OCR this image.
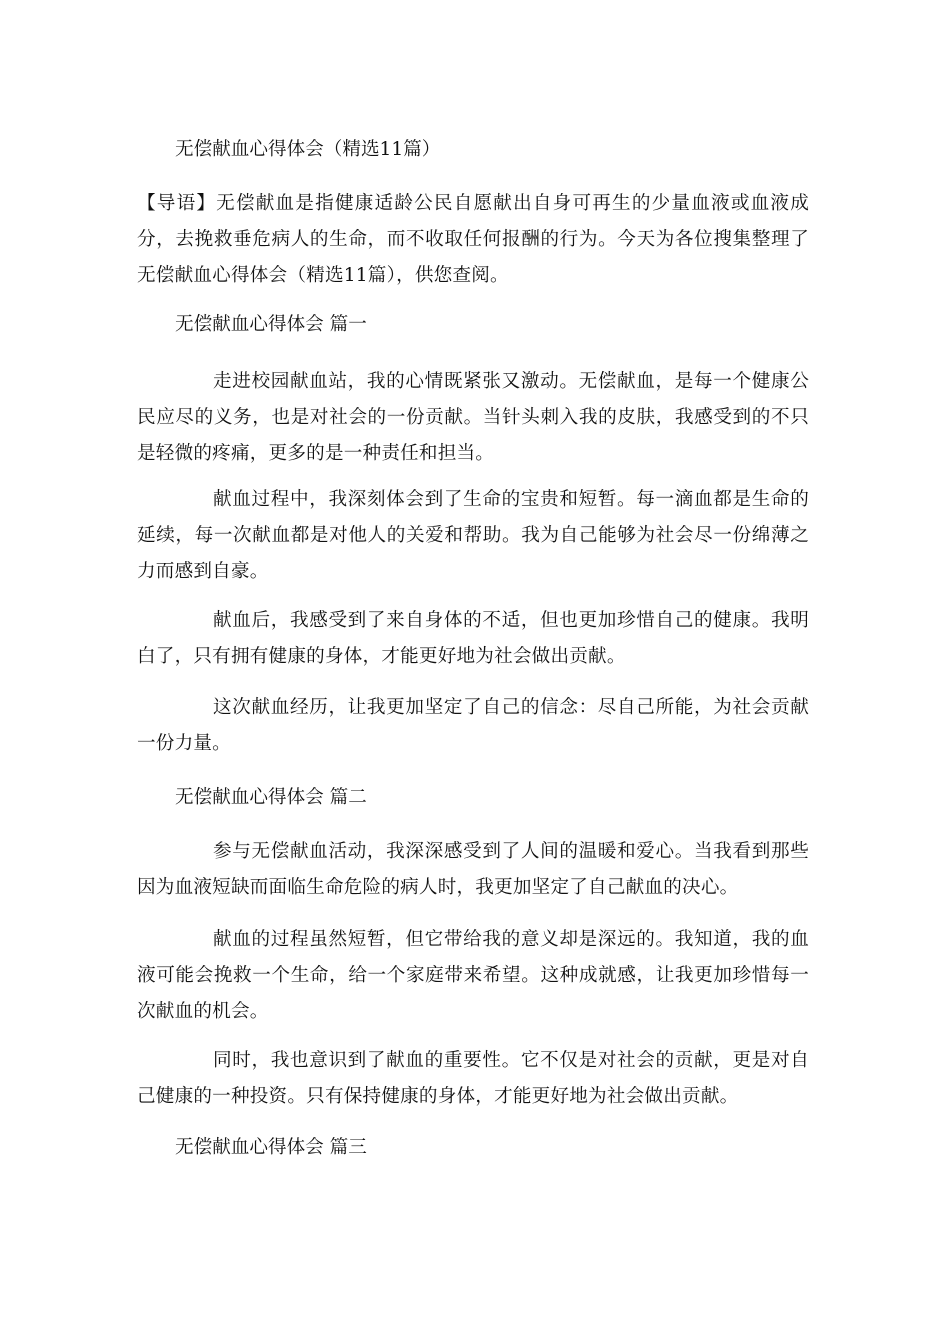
无偿献血心得体会（精选11篇）

【导语】无偿献血是指健康适龄公民自愿献出自身可再生的少量血液或血液成分，去挽救垂危病人的生命，而不收取任何报酬的行为。今天为各位搜集整理了无偿献血心得体会（精选11篇），供您查阅。

无偿献血心得体会 篇一

走进校园献血站，我的心情既紧张又激动。无偿献血，是每一个健康公民应尽的义务，也是对社会的一份贡献。当针头刺入我的皮肤，我感受到的不只是轻微的疼痛，更多的是一种责任和担当。

献血过程中，我深刻体会到了生命的宝贵和短暂。每一滴血都是生命的延续，每一次献血都是对他人的关爱和帮助。我为自己能够为社会尽一份绵薄之力而感到自豪。

献血后，我感受到了来自身体的不适，但也更加珍惜自己的健康。我明白了，只有拥有健康的身体，才能更好地为社会做出贡献。

这次献血经历，让我更加坚定了自己的信念：尽自己所能，为社会贡献一份力量。

无偿献血心得体会 篇二

参与无偿献血活动，我深深感受到了人间的温暖和爱心。当我看到那些因为血液短缺而面临生命危险的病人时，我更加坚定了自己献血的决心。

献血的过程虽然短暂，但它带给我的意义却是深远的。我知道，我的血液可能会挽救一个生命，给一个家庭带来希望。这种成就感，让我更加珍惜每一次献血的机会。

同时，我也意识到了献血的重要性。它不仅是对社会的贡献，更是对自己健康的一种投资。只有保持健康的身体，才能更好地为社会做出贡献。

无偿献血心得体会 篇三
